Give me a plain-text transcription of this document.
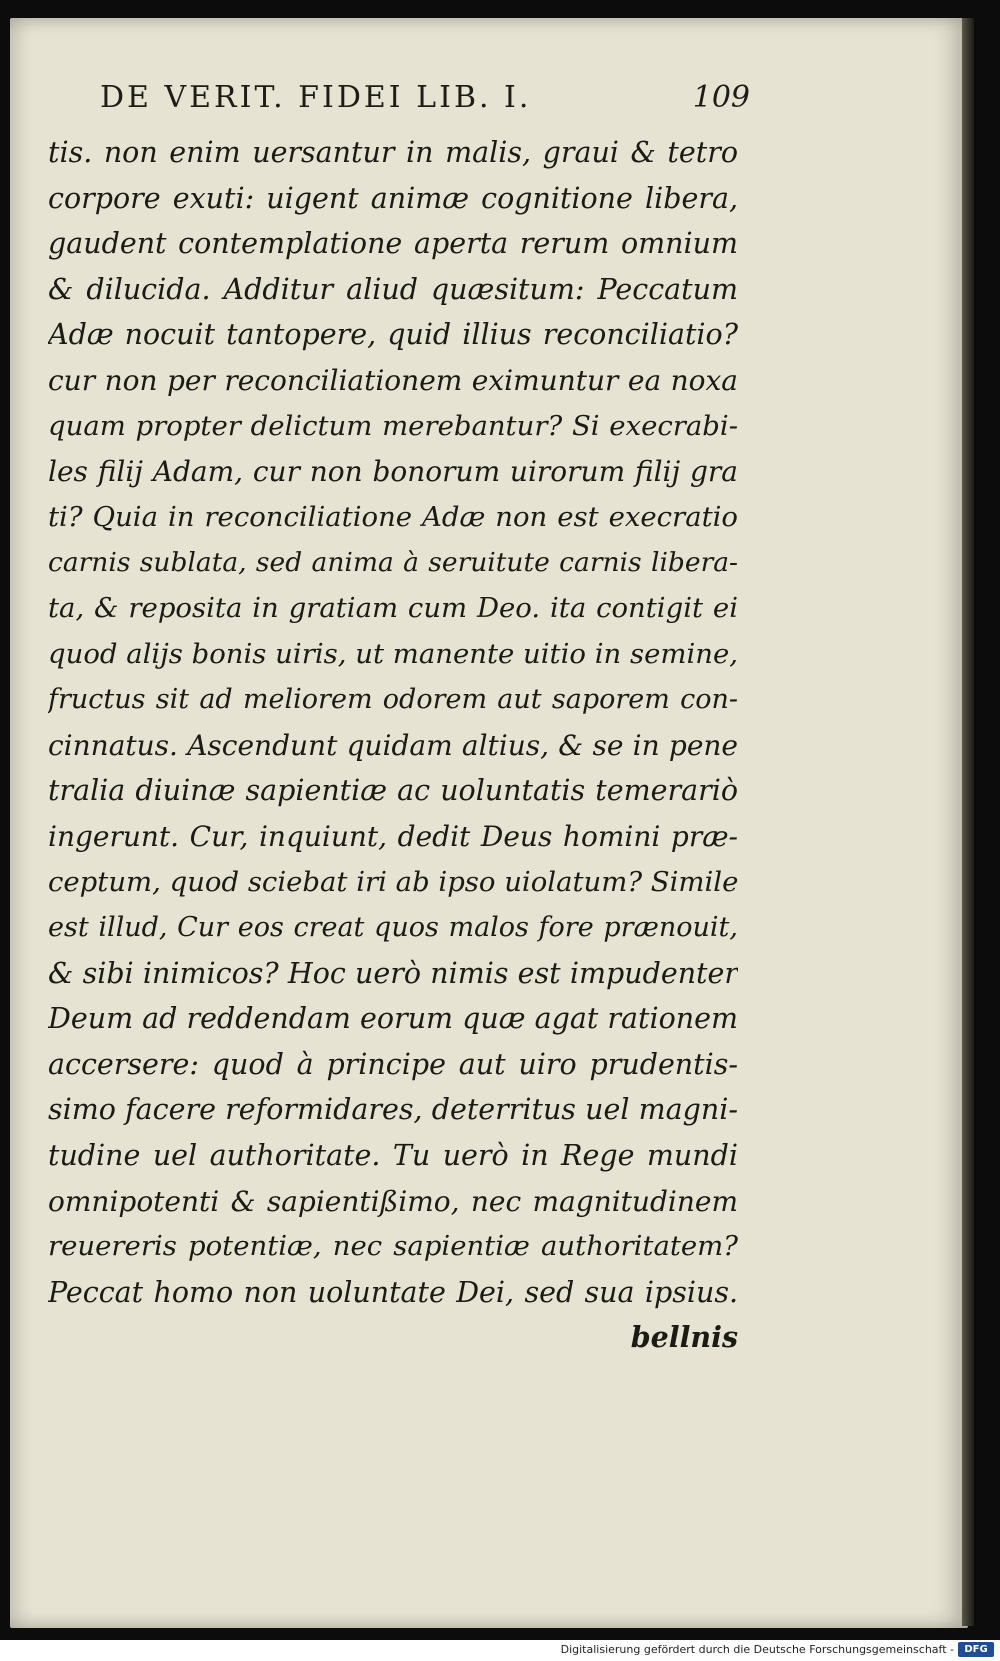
DE VERIT. FIDEI LIB. I.	109
tis. non enim uersantur in malis, graui & tetro
corpore exuti: uigent animæ cognitione libera,
gaudent contemplatione aperta rerum omnium
& dilucida. Additur aliud quæsitum: Peccatum
Adæ nocuit tantopere, quid illius reconciliatio?
cur non per reconciliationem eximuntur ea noxa
quam propter delictum merebantur? Si execrabi-
les filij Adam, cur non bonorum uirorum filij gra
ti? Quia in reconciliatione Adæ non est execratio
carnis sublata, sed anima à seruitute carnis libera-
ta, & reposita in gratiam cum Deo. ita contigit ei
quod alijs bonis uiris, ut manente uitio in semine,
fructus sit ad meliorem odorem aut saporem con-
cinnatus. Ascendunt quidam altius, & se in pene
tralia diuinæ sapientiæ ac uoluntatis temerariò
ingerunt. Cur, inquiunt, dedit Deus homini præ-
ceptum, quod sciebat iri ab ipso uiolatum? Simile
est illud, Cur eos creat quos malos fore prænouit,
& sibi inimicos? Hoc uerò nimis est impudenter
Deum ad reddendam eorum quæ agat rationem
accersere: quod à principe aut uiro prudentis-
simo facere reformidares, deterritus uel magni-
tudine uel authoritate. Tu uerò in Rege mundi
omnipotenti & sapientißimo, nec magnitudinem
reuereris potentiæ, nec sapientiæ authoritatem?
Peccat homo non uoluntate Dei, sed sua ipsius.
bellnis
Digitalisierung gefördert durch die Deutsche Forschungsgemeinschaft -	DFG
